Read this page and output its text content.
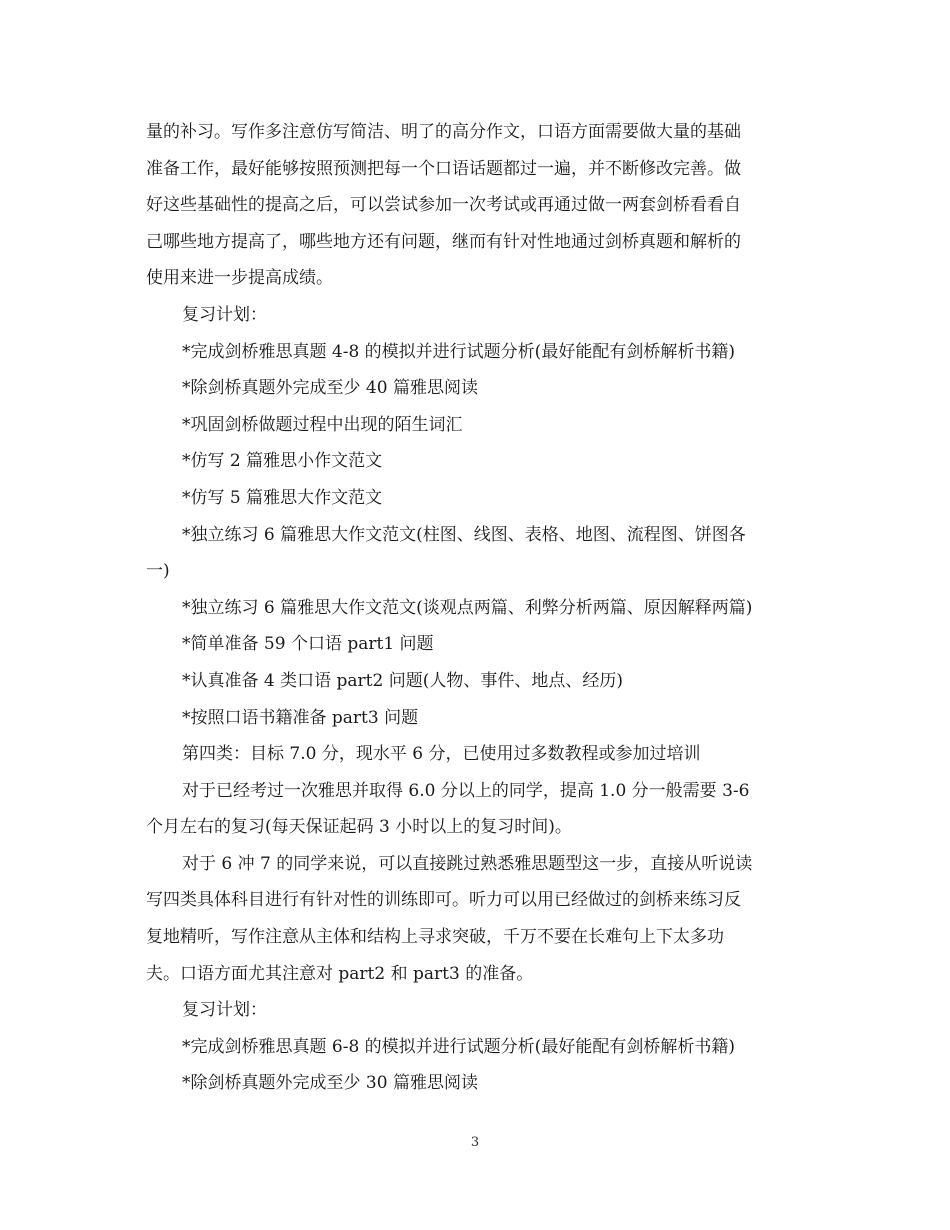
量的补习。写作多注意仿写简洁、明了的高分作文，口语方面需要做大量的基础
准备工作，最好能够按照预测把每一个口语话题都过一遍，并不断修改完善。做
好这些基础性的提高之后，可以尝试参加一次考试或再通过做一两套剑桥看看自
己哪些地方提高了，哪些地方还有问题，继而有针对性地通过剑桥真题和解析的
使用来进一步提高成绩。
复习计划：
*完成剑桥雅思真题 4-8 的模拟并进行试题分析(最好能配有剑桥解析书籍)
*除剑桥真题外完成至少 40 篇雅思阅读
*巩固剑桥做题过程中出现的陌生词汇
*仿写 2 篇雅思小作文范文
*仿写 5 篇雅思大作文范文
*独立练习 6 篇雅思大作文范文(柱图、线图、表格、地图、流程图、饼图各
一)
*独立练习 6 篇雅思大作文范文(谈观点两篇、利弊分析两篇、原因解释两篇)
*简单准备 59 个口语 part1 问题
*认真准备 4 类口语 part2 问题(人物、事件、地点、经历)
*按照口语书籍准备 part3 问题
第四类：目标 7.0 分，现水平 6 分，已使用过多数教程或参加过培训
对于已经考过一次雅思并取得 6.0 分以上的同学，提高 1.0 分一般需要 3-6
个月左右的复习(每天保证起码 3 小时以上的复习时间)。
对于 6 冲 7 的同学来说，可以直接跳过熟悉雅思题型这一步，直接从听说读
写四类具体科目进行有针对性的训练即可。听力可以用已经做过的剑桥来练习反
复地精听，写作注意从主体和结构上寻求突破，千万不要在长难句上下太多功
夫。口语方面尤其注意对 part2 和 part3 的准备。
复习计划：
*完成剑桥雅思真题 6-8 的模拟并进行试题分析(最好能配有剑桥解析书籍)
*除剑桥真题外完成至少 30 篇雅思阅读
3
